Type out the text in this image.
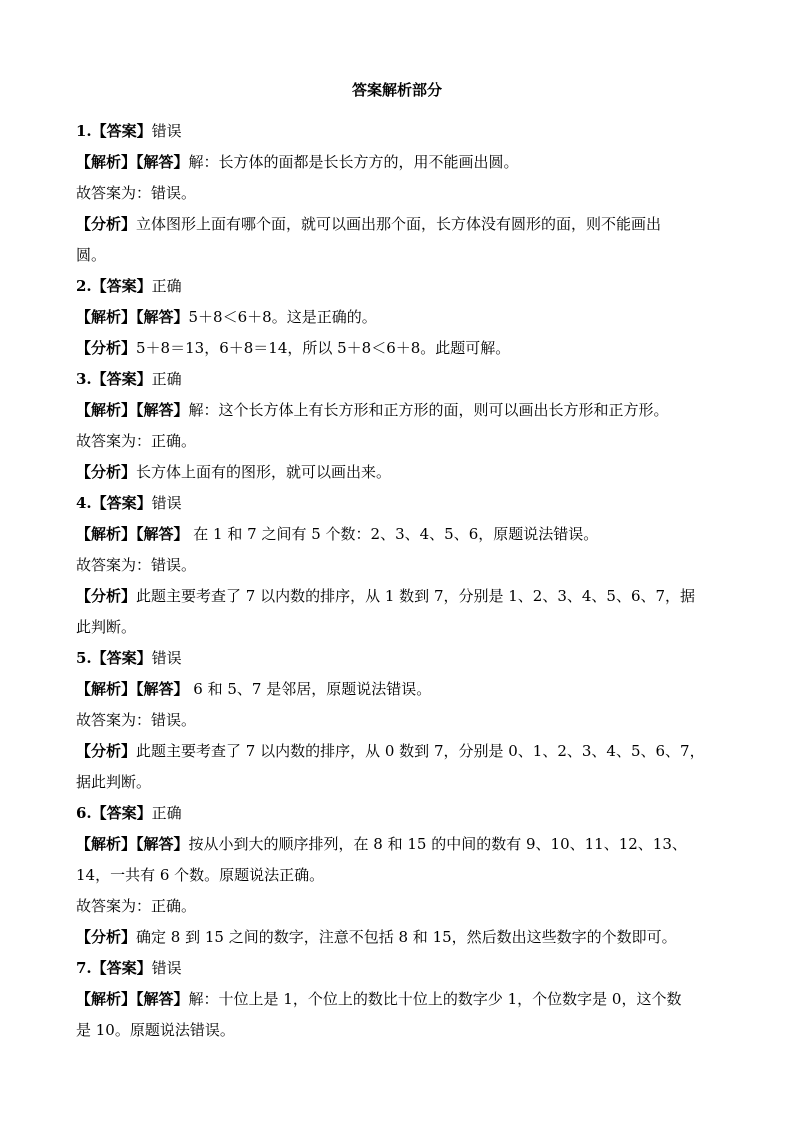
答案解析部分
1.【答案】错误
【解析】【解答】解：长方体的面都是长长方方的，用不能画出圆。
故答案为：错误。
【分析】立体图形上面有哪个面，就可以画出那个面，长方体没有圆形的面，则不能画出
圆。
2.【答案】正确
【解析】【解答】5＋8＜6＋8。这是正确的。
【分析】5＋8＝13，6＋8＝14，所以 5＋8＜6＋8。此题可解。
3.【答案】正确
【解析】【解答】解：这个长方体上有长方形和正方形的面，则可以画出长方形和正方形。
故答案为：正确。
【分析】长方体上面有的图形，就可以画出来。
4.【答案】错误
【解析】【解答】 在 1 和 7 之间有 5 个数：2、3、4、5、6，原题说法错误。
故答案为：错误。
【分析】此题主要考查了 7 以内数的排序，从 1 数到 7，分别是 1、2、3、4、5、6、7，据
此判断。
5.【答案】错误
【解析】【解答】 6 和 5、7 是邻居，原题说法错误。
故答案为：错误。
【分析】此题主要考查了 7 以内数的排序，从 0 数到 7，分别是 0、1、2、3、4、5、6、7，
据此判断。
6.【答案】正确
【解析】【解答】按从小到大的顺序排列，在 8 和 15 的中间的数有 9、10、11、12、13、
14，一共有 6 个数。原题说法正确。
故答案为：正确。
【分析】确定 8 到 15 之间的数字，注意不包括 8 和 15，然后数出这些数字的个数即可。
7.【答案】错误
【解析】【解答】解：十位上是 1，个位上的数比十位上的数字少 1，个位数字是 0，这个数
是 10。原题说法错误。
